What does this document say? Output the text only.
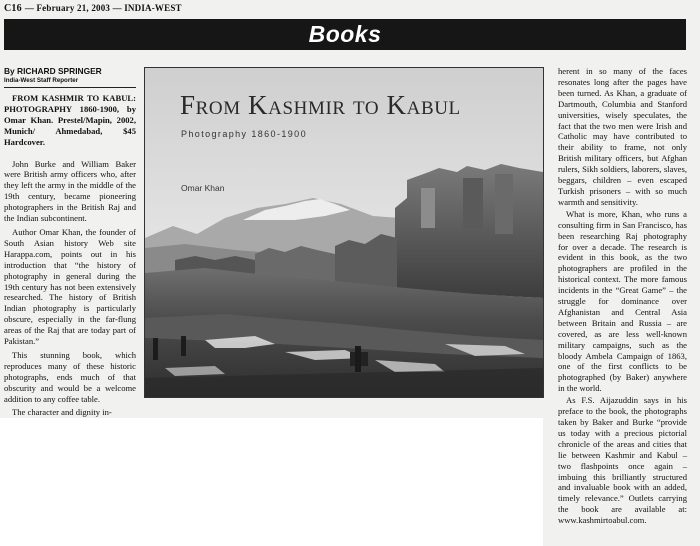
C16 — February 21, 2003 — INDIA-WEST
Books
By RICHARD SPRINGER
India-West Staff Reporter

FROM KASHMIR TO KABUL: PHOTOGRAPHY 1860-1900, by Omar Khan. Prestel/Mapin, 2002, Munich/ Ahmedabad, $45 Hardcover.

John Burke and William Baker were British army officers who, after they left the army in the middle of the 19th century, became pioneering photographers in the British Raj and the Indian subcontinent.

Author Omar Khan, the founder of South Asian history Web site Harappa.com, points out in his introduction that “the history of photography in general during the 19th century has not been extensively researched. The history of British Indian photography is particularly obscure, especially in the far-flung areas of the Raj that are today part of Pakistan.”

This stunning book, which reproduces many of these historic photographs, ends much of that obscurity and would be a welcome addition to any coffee table.

The character and dignity in-

From Kashmir to Kabul
Photography 1860-1900
Omar Khan

herent in so many of the faces resonates long after the pages have been turned. As Khan, a graduate of Dartmouth, Columbia and Stanford universities, wisely speculates, the fact that the two men were Irish and Catholic may have contributed to their ability to frame, not only British military officers, but Afghan rulers, Sikh soldiers, laborers, slaves, beggars, children – even escaped Turkish prisoners – with so much warmth and sensitivity.

What is more, Khan, who runs a consulting firm in San Francisco, has been researching Raj photography for over a decade. The research is evident in this book, as the two photographers are profiled in the historical context. The more famous incidents in the “Great Game” – the struggle for dominance over Afghanistan and Central Asia between Britain and Russia – are covered, as are less well-known military campaigns, such as the bloody Ambela Campaign of 1863, one of the first conflicts to be photographed (by Baker) anywhere in the world.

As F.S. Aijazuddin says in his preface to the book, the photographs taken by Baker and Burke “provide us today with a precious pictorial chronicle of the areas and cities that lie between Kashmir and Kabul – two flashpoints once again – imbuing this brilliantly structured and invaluable book with an added, timely relevance.” Outlets carrying the book are available at: www.kashmirtoabul.com.
